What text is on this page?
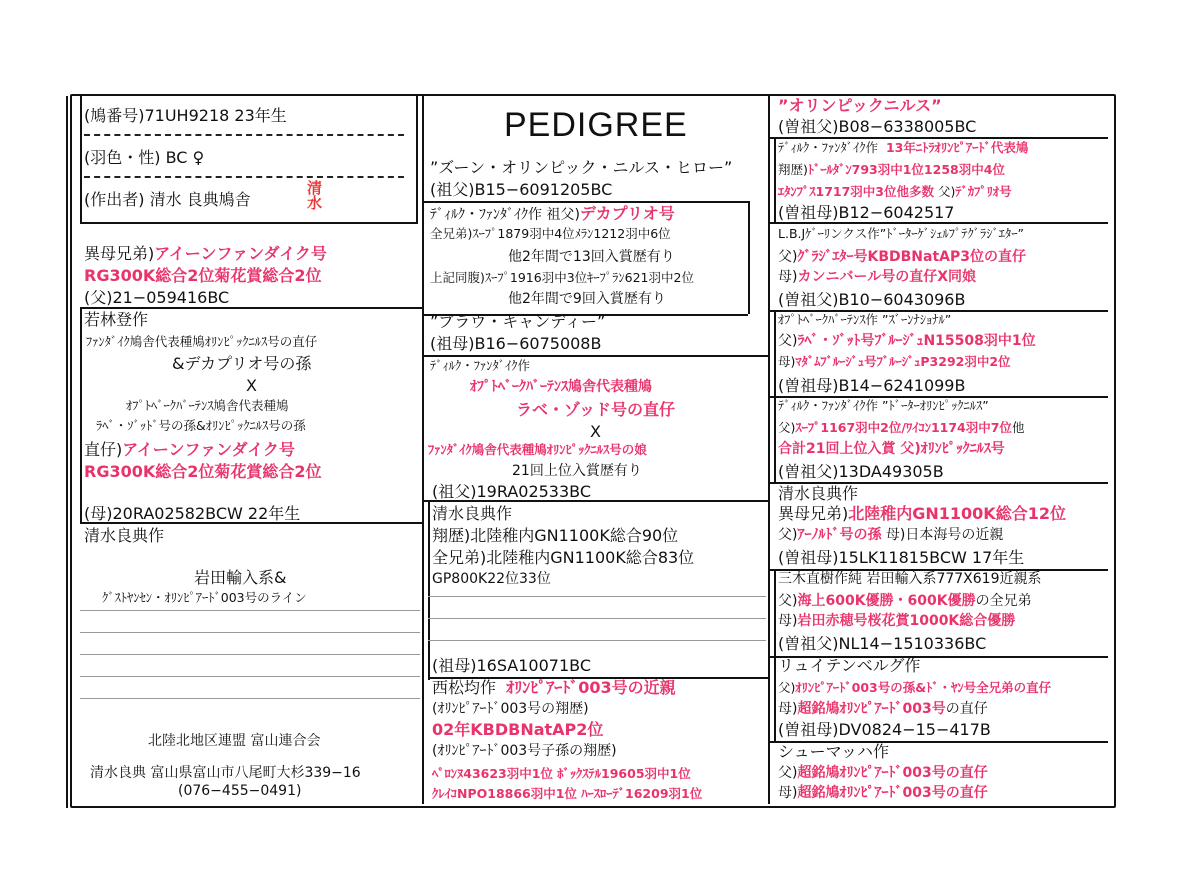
(鳩番号)71UH9218 23年生
(羽色・性) BC ♀
(作出者) 清水 良典鳩舎	清水
PEDIGREE
異母兄弟)アイーンファンダイク号
RG300K総合2位菊花賞総合2位
(父)21−059416BC
若林登作
ﾌｧﾝﾀﾞｲｸ鳩舎代表種鳩ｵﾘﾝﾋﾟｯｸﾆﾙｽ号の直仔
&デカプリオ号の孫
X
ｵﾌﾟﾄﾍﾞｰｸﾊﾞｰﾃﾝｽ鳩舎代表種鳩
ﾗﾍﾞ・ｿﾞｯﾄﾞ号の孫&ｵﾘﾝﾋﾟｯｸﾆﾙｽ号の孫
直仔)アイーンファンダイク号
RG300K総合2位菊花賞総合2位
(母)20RA02582BCW 22年生
清水良典作
岩田輸入系&
ｸﾞｽﾄﾔﾝｾﾝ・ｵﾘﾝﾋﾟｱｰﾄﾞ003号のライン
北陸北地区連盟 富山連合会
清水良典 富山県富山市八尾町大杉339−16
(076−455−0491)
”ズーン・オリンピック・ニルス・ヒロー”
(祖父)B15−6091205BC
ﾃﾞｨﾙｸ・ﾌｧﾝﾀﾞｲｸ作 祖父)デカプリオ号
全兄弟)ｽｰﾌﾟ1879羽中4位ﾒﾗﾝ1212羽中6位
他2年間で13回入賞歴有り
上記同腹)ｽｰﾌﾟ1916羽中3位ｷｰﾌﾟﾗﾝ621羽中2位
他2年間で9回入賞歴有り
”ブラウ・キャンディー”
(祖母)B16−6075008B
ﾃﾞｨﾙｸ・ﾌｧﾝﾀﾞｲｸ作
ｵﾌﾟﾄﾍﾞｰｸﾊﾞｰﾃﾝｽ鳩舎代表種鳩
ラベ・ゾッド号の直仔
X
ﾌｧﾝﾀﾞｲｸ鳩舎代表種鳩ｵﾘﾝﾋﾟｯｸﾆﾙｽ号の娘
21回上位入賞歴有り
(祖父)19RA02533BC
清水良典作
翔歴)北陸稚内GN1100K総合90位
全兄弟)北陸稚内GN1100K総合83位
GP800K22位33位
(祖母)16SA10071BC
西松均作 ｵﾘﾝﾋﾟｱｰﾄﾞ003号の近親
(ｵﾘﾝﾋﾟｱｰﾄﾞ003号の翔歴)
02年KBDBNatAP2位
(ｵﾘﾝﾋﾟｱｰﾄﾞ003号子孫の翔歴)
ﾍﾟﾛﾝﾇ43623羽中1位 ﾎﾞｯｸｽﾃﾙ19605羽中1位
ｸﾚｲｺNPO18866羽中1位 ﾊｰｽﾛｰﾃﾞ16209羽1位
”オリンピックニルス”
(曽祖父)B08−6338005BC
ﾃﾞｨﾙｸ・ﾌｧﾝﾀﾞｲｸ作 13年ﾆﾄﾗｵﾘﾝﾋﾟｱｰﾄﾞ代表鳩
翔歴)ﾄﾞｰﾙﾀﾞﾝ793羽中1位1258羽中4位
ｴﾀﾝﾌﾟｽ1717羽中3位他多数 父)ﾃﾞｶﾌﾟﾘｵ号
(曽祖母)B12−6042517
L.B.Jｹﾞｰﾘンクス作”ﾄﾞｰﾀｰｹﾞｼｪﾙﾌﾟﾃｸﾞﾗｼﾞｴﾀｰ”
父)ｸﾞﾗｼﾞｴﾀｰ号KBDBNatAP3位の直仔
母)カンニバール号の直仔X同娘
(曽祖父)B10−6043096B
ｵﾌﾟﾄﾍﾞｰｸﾊﾞｰﾃﾝｽ作 ”ｽﾞｰﾝﾅｼｮﾅﾙ”
父)ﾗﾍﾞ・ｿﾞｯﾄ号ﾌﾞﾙｰｼﾞｭN15508羽中1位
母)ﾏﾀﾞﾑﾌﾞﾙｰｼﾞｭ号ﾌﾞﾙｰｼﾞｭP3292羽中2位
(曽祖母)B14−6241099B
ﾃﾞｨﾙｸ・ﾌｧﾝﾀﾞｲｸ作 ”ﾄﾞｰﾀｰｵﾘﾝﾋﾟｯｸﾆﾙｽ”
父)ｽｰﾌﾟ1167羽中2位/ﾜｲｺﾝ1174羽中7位他
合計21回上位入賞 父)ｵﾘﾝﾋﾟｯｸﾆﾙｽ号
(曽祖父)13DA49305B
清水良典作
異母兄弟)北陸稚内GN1100K総合12位
父)ｱｰﾉﾙﾄﾞ号の孫 母)日本海号の近親
(曽祖母)15LK11815BCW 17年生
三木直樹作純 岩田輸入系777X619近親系
父)海上600K優勝・600K優勝の全兄弟
母)岩田赤穂号桜花賞1000K総合優勝
(曽祖父)NL14−1510336BC
リュイテンベルグ作
父)ｵﾘﾝﾋﾟｱｰﾄﾞ003号の孫&ﾄﾞ・ﾔﾝ号全兄弟の直仔
母)超銘鳩ｵﾘﾝﾋﾟｱｰﾄﾞ003号の直仔
(曽祖母)DV0824−15−417B
シューマッハ作
父)超銘鳩ｵﾘﾝﾋﾟｱｰﾄﾞ003号の直仔
母)超銘鳩ｵﾘﾝﾋﾟｱｰﾄﾞ003号の直仔
